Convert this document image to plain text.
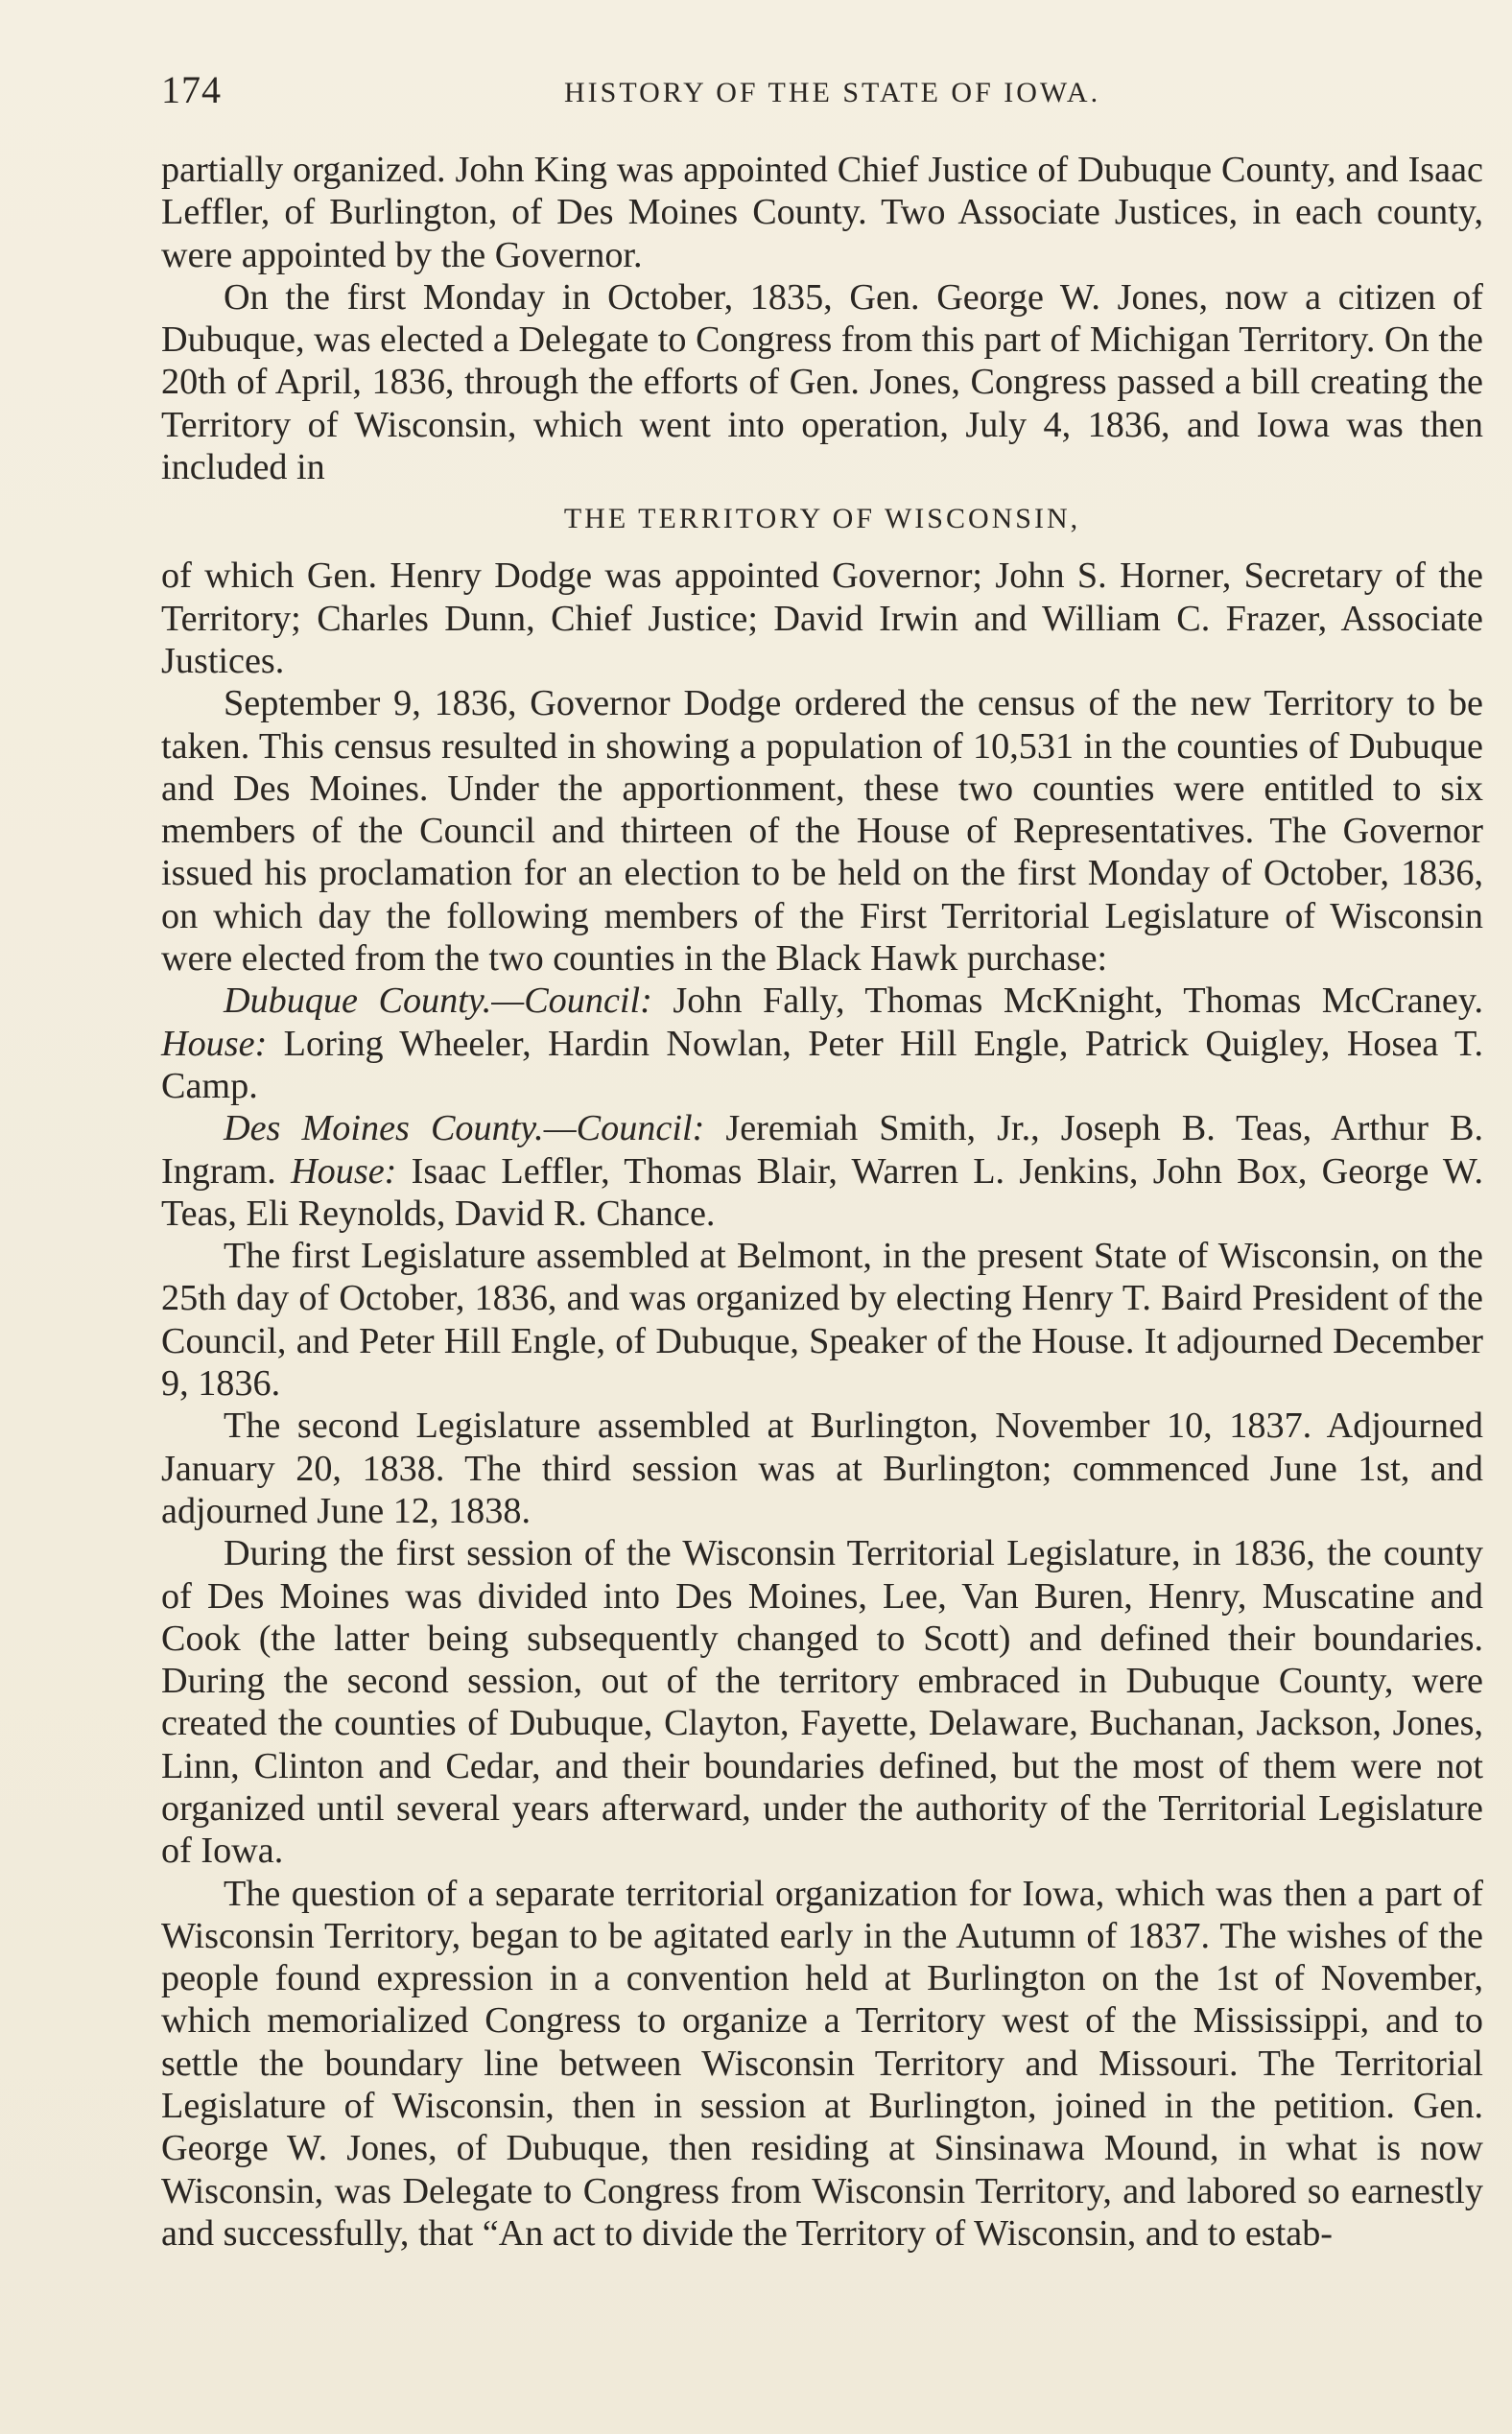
174	HISTORY OF THE STATE OF IOWA.

partially organized. John King was appointed Chief Justice of Dubuque County, and Isaac Leffler, of Burlington, of Des Moines County. Two Associate Justices, in each county, were appointed by the Governor.

On the first Monday in October, 1835, Gen. George W. Jones, now a citizen of Dubuque, was elected a Delegate to Congress from this part of Michigan Territory. On the 20th of April, 1836, through the efforts of Gen. Jones, Congress passed a bill creating the Territory of Wisconsin, which went into operation, July 4, 1836, and Iowa was then included in

THE TERRITORY OF WISCONSIN,

of which Gen. Henry Dodge was appointed Governor; John S. Horner, Secretary of the Territory; Charles Dunn, Chief Justice; David Irwin and William C. Frazer, Associate Justices.

September 9, 1836, Governor Dodge ordered the census of the new Territory to be taken. This census resulted in showing a population of 10,531 in the counties of Dubuque and Des Moines. Under the apportionment, these two counties were entitled to six members of the Council and thirteen of the House of Representatives. The Governor issued his proclamation for an election to be held on the first Monday of October, 1836, on which day the following members of the First Territorial Legislature of Wisconsin were elected from the two counties in the Black Hawk purchase:

Dubuque County.—Council: John Fally, Thomas McKnight, Thomas McCraney. House: Loring Wheeler, Hardin Nowlan, Peter Hill Engle, Patrick Quigley, Hosea T. Camp.

Des Moines County.—Council: Jeremiah Smith, Jr., Joseph B. Teas, Arthur B. Ingram. House: Isaac Leffler, Thomas Blair, Warren L. Jenkins, John Box, George W. Teas, Eli Reynolds, David R. Chance.

The first Legislature assembled at Belmont, in the present State of Wisconsin, on the 25th day of October, 1836, and was organized by electing Henry T. Baird President of the Council, and Peter Hill Engle, of Dubuque, Speaker of the House. It adjourned December 9, 1836.

The second Legislature assembled at Burlington, November 10, 1837. Adjourned January 20, 1838. The third session was at Burlington; commenced June 1st, and adjourned June 12, 1838.

During the first session of the Wisconsin Territorial Legislature, in 1836, the county of Des Moines was divided into Des Moines, Lee, Van Buren, Henry, Muscatine and Cook (the latter being subsequently changed to Scott) and defined their boundaries. During the second session, out of the territory embraced in Dubuque County, were created the counties of Dubuque, Clayton, Fayette, Delaware, Buchanan, Jackson, Jones, Linn, Clinton and Cedar, and their boundaries defined, but the most of them were not organized until several years afterward, under the authority of the Territorial Legislature of Iowa.

The question of a separate territorial organization for Iowa, which was then a part of Wisconsin Territory, began to be agitated early in the Autumn of 1837. The wishes of the people found expression in a convention held at Burlington on the 1st of November, which memorialized Congress to organize a Territory west of the Mississippi, and to settle the boundary line between Wisconsin Territory and Missouri. The Territorial Legislature of Wisconsin, then in session at Burlington, joined in the petition. Gen. George W. Jones, of Dubuque, then residing at Sinsinawa Mound, in what is now Wisconsin, was Delegate to Congress from Wisconsin Territory, and labored so earnestly and successfully, that “An act to divide the Territory of Wisconsin, and to estab-
